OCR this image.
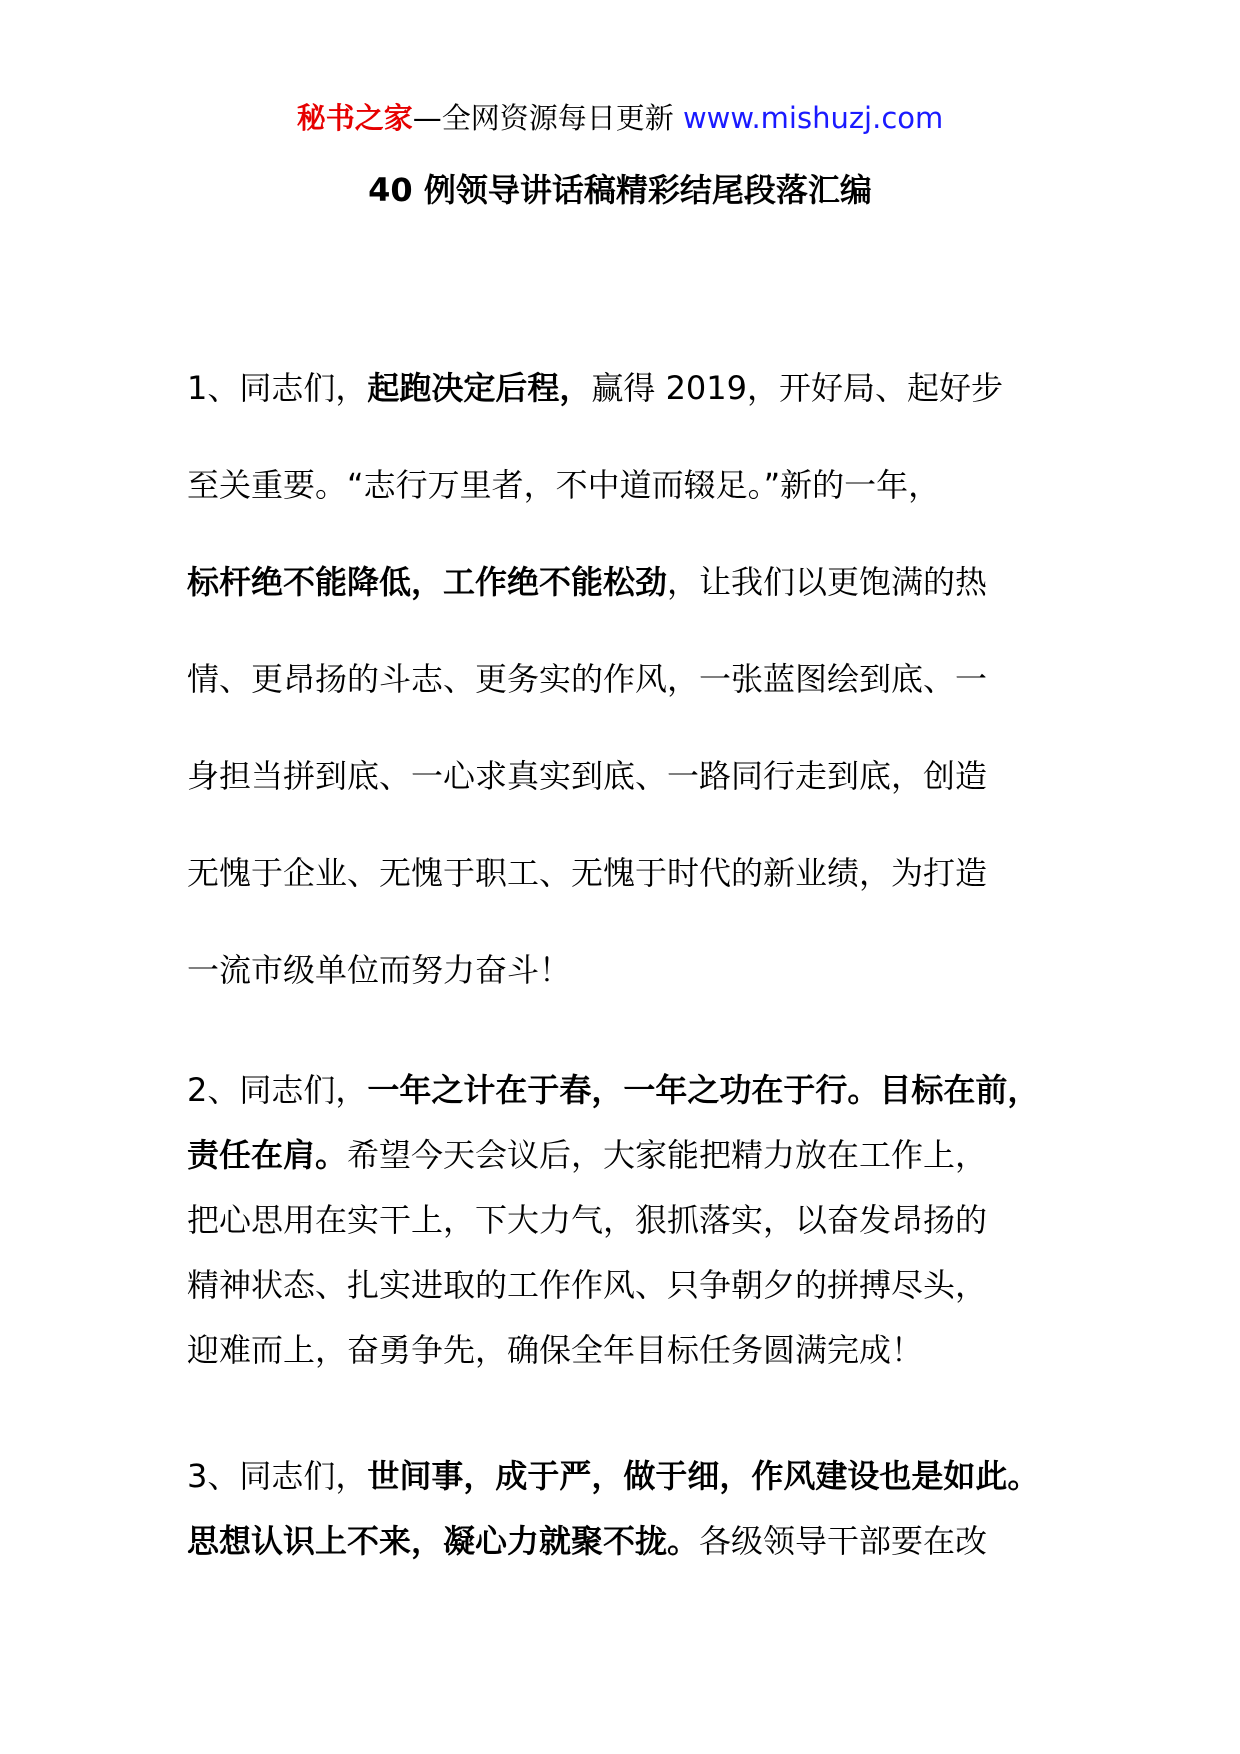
秘书之家—全网资源每日更新 www.mishuzj.com
40 例领导讲话稿精彩结尾段落汇编
1、同志们，起跑决定后程，赢得 2019，开好局、起好步
至关重要。“志行万里者，不中道而辍足。”新的一年，
标杆绝不能降低，工作绝不能松劲，让我们以更饱满的热
情、更昂扬的斗志、更务实的作风，一张蓝图绘到底、一
身担当拼到底、一心求真实到底、一路同行走到底，创造
无愧于企业、无愧于职工、无愧于时代的新业绩，为打造
一流市级单位而努力奋斗！
2、同志们，一年之计在于春，一年之功在于行。目标在前，
责任在肩。希望今天会议后，大家能把精力放在工作上，
把心思用在实干上，下大力气，狠抓落实，以奋发昂扬的
精神状态、扎实进取的工作作风、只争朝夕的拼搏尽头，
迎难而上，奋勇争先，确保全年目标任务圆满完成！
3、同志们，世间事，成于严，做于细，作风建设也是如此。
思想认识上不来，凝心力就聚不拢。各级领导干部要在改
